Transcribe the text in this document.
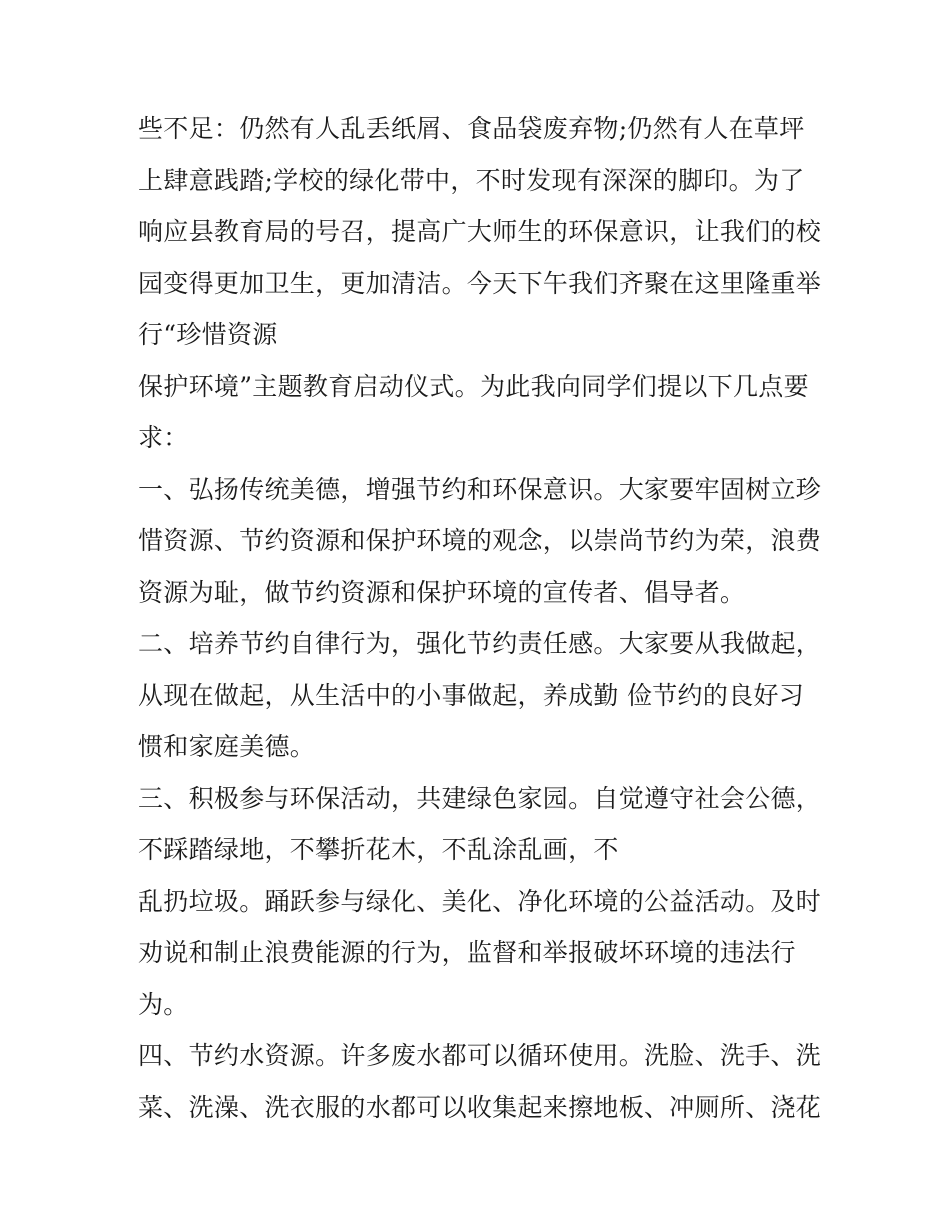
些不足：仍然有人乱丢纸屑、食品袋废弃物;仍然有人在草坪
上肆意践踏;学校的绿化带中，不时发现有深深的脚印。为了
响应县教育局的号召，提高广大师生的环保意识，让我们的校
园变得更加卫生，更加清洁。今天下午我们齐聚在这里隆重举
行“珍惜资源
保护环境”主题教育启动仪式。为此我向同学们提以下几点要
求：
一、弘扬传统美德，增强节约和环保意识。大家要牢固树立珍
惜资源、节约资源和保护环境的观念，以崇尚节约为荣，浪费
资源为耻，做节约资源和保护环境的宣传者、倡导者。
二、培养节约自律行为，强化节约责任感。大家要从我做起，
从现在做起，从生活中的小事做起，养成勤 俭节约的良好习
惯和家庭美德。
三、积极参与环保活动，共建绿色家园。自觉遵守社会公德，
不踩踏绿地，不攀折花木，不乱涂乱画，不
乱扔垃圾。踊跃参与绿化、美化、净化环境的公益活动。及时
劝说和制止浪费能源的行为，监督和举报破坏环境的违法行
为。
四、节约水资源。许多废水都可以循环使用。洗脸、洗手、洗
菜、洗澡、洗衣服的水都可以收集起来擦地板、冲厕所、浇花
